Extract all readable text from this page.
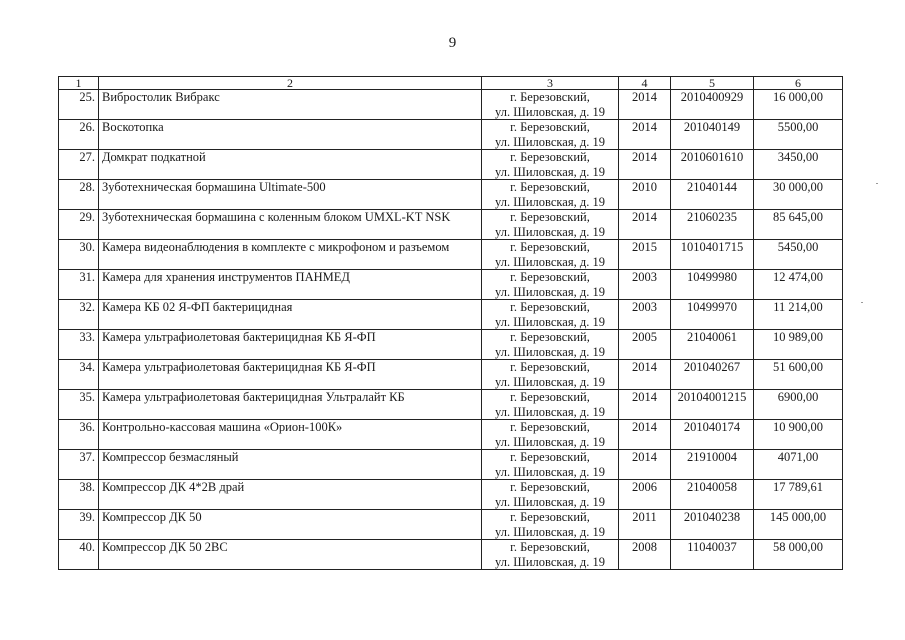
9
1	2	3	4	5	6
25.	Вибростолик Вибракс	г. Березовский,
ул. Шиловская, д. 19	2014	2010400929	16 000,00
26.	Воскотопка	г. Березовский,
ул. Шиловская, д. 19	2014	201040149	5500,00
27.	Домкрат подкатной	г. Березовский,
ул. Шиловская, д. 19	2014	2010601610	3450,00
28.	Зуботехническая бормашина Ultimate-500	г. Березовский,
ул. Шиловская, д. 19	2010	21040144	30 000,00
29.	Зуботехническая бормашина с коленным блоком UMXL-KT NSK	г. Березовский,
ул. Шиловская, д. 19	2014	21060235	85 645,00
30.	Камера видеонаблюдения в комплекте с микрофоном и разъемом	г. Березовский,
ул. Шиловская, д. 19	2015	1010401715	5450,00
31.	Камера для хранения инструментов ПАНМЕД	г. Березовский,
ул. Шиловская, д. 19	2003	10499980	12 474,00
32.	Камера КБ 02 Я-ФП бактерицидная	г. Березовский,
ул. Шиловская, д. 19	2003	10499970	11 214,00
33.	Камера ультрафиолетовая бактерицидная КБ Я-ФП	г. Березовский,
ул. Шиловская, д. 19	2005	21040061	10 989,00
34.	Камера ультрафиолетовая бактерицидная КБ Я-ФП	г. Березовский,
ул. Шиловская, д. 19	2014	201040267	51 600,00
35.	Камера ультрафиолетовая бактерицидная Ультралайт КБ	г. Березовский,
ул. Шиловская, д. 19	2014	20104001215	6900,00
36.	Контрольно-кассовая машина «Орион-100К»	г. Березовский,
ул. Шиловская, д. 19	2014	201040174	10 900,00
37.	Компрессор безмасляный	г. Березовский,
ул. Шиловская, д. 19	2014	21910004	4071,00
38.	Компрессор ДК 4*2В драй	г. Березовский,
ул. Шиловская, д. 19	2006	21040058	17 789,61
39.	Компрессор ДК 50	г. Березовский,
ул. Шиловская, д. 19	2011	201040238	145 000,00
40.	Компрессор ДК 50 2ВС	г. Березовский,
ул. Шиловская, д. 19	2008	11040037	58 000,00
